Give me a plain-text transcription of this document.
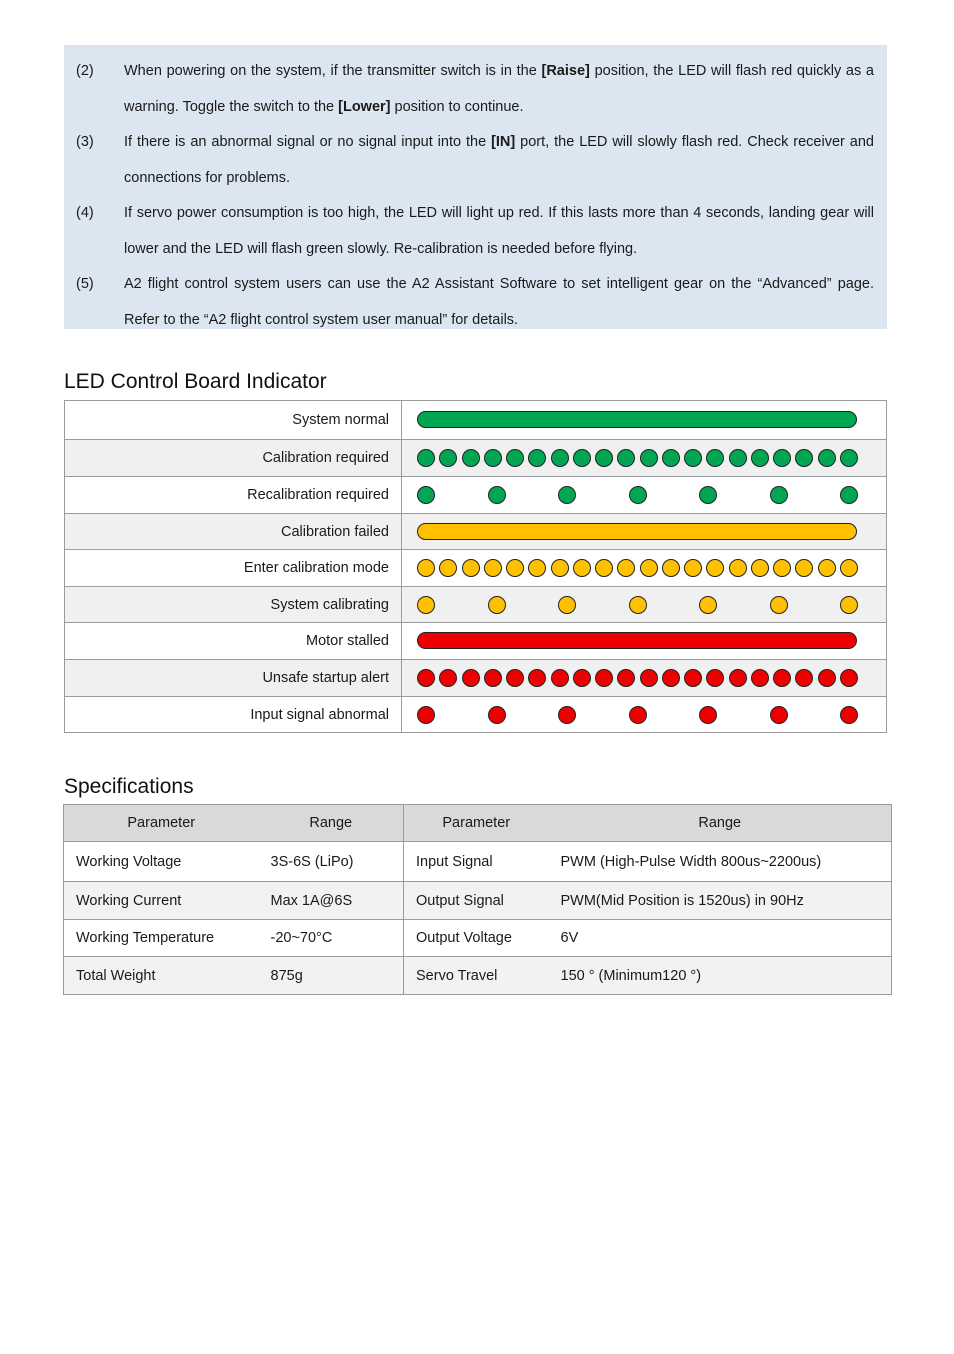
(2) When powering on the system, if the transmitter switch is in the [Raise] position, the LED will flash red quickly as a warning. Toggle the switch to the [Lower] position to continue.
(3) If there is an abnormal signal or no signal input into the [IN] port, the LED will slowly flash red. Check receiver and connections for problems.
(4) If servo power consumption is too high, the LED will light up red. If this lasts more than 4 seconds, landing gear will lower and the LED will flash green slowly. Re-calibration is needed before flying.
(5) A2 flight control system users can use the A2 Assistant Software to set intelligent gear on the “Advanced” page. Refer to the “A2 flight control system user manual” for details.
LED Control Board Indicator
System normal	

Calibration required	

Recalibration required	

Calibration failed	

Enter calibration mode	

System calibrating	

Motor stalled	

Unsafe startup alert	

Input signal abnormal	
Specifications
Parameter	Range	Parameter	Range
Working Voltage	3S-6S (LiPo)	Input Signal	PWM (High-Pulse Width 800us~2200us)
Working Current	Max 1A@6S	Output Signal	PWM(Mid Position is 1520us) in 90Hz
Working Temperature	-20~70°C	Output Voltage	6V
Total Weight	875g	Servo Travel	150 ° (Minimum120 °)
